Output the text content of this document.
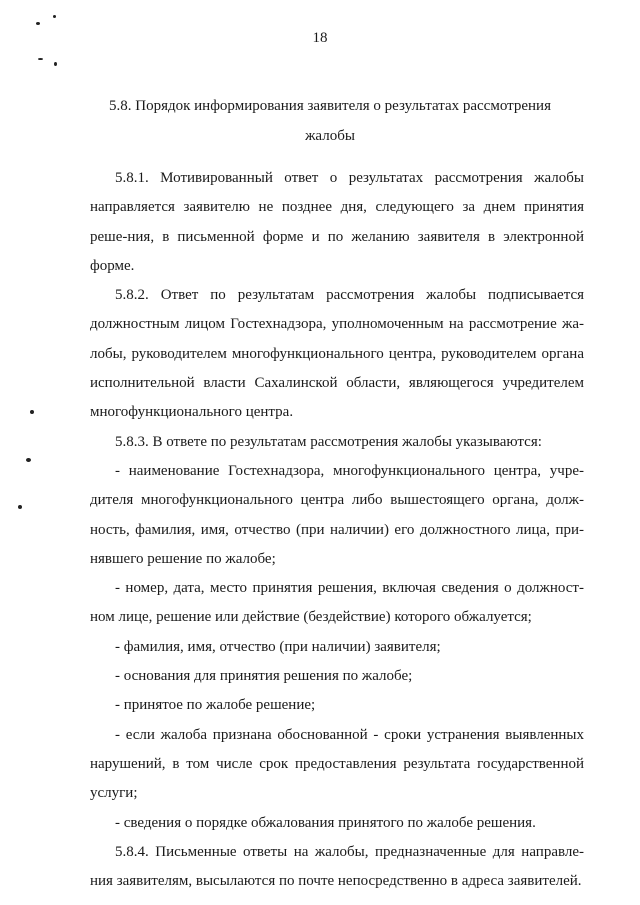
18
5.8. Порядок информирования заявителя о результатах рассмотрения
жалобы

5.8.1. Мотивированный ответ о результатах рассмотрения жалобы направляется заявителю не позднее дня, следующего за днем принятия реше-ния, в письменной форме и по желанию заявителя в электронной форме.

5.8.2. Ответ по результатам рассмотрения жалобы подписывается должностным лицом Гостехнадзора, уполномоченным на рассмотрение жа-лобы, руководителем многофункционального центра, руководителем органа исполнительной власти Сахалинской области, являющегося учредителем многофункционального центра.

5.8.3. В ответе по результатам рассмотрения жалобы указываются:

- наименование Гостехнадзора, многофункционального центра, учре-дителя многофункционального центра либо вышестоящего органа, долж-ность, фамилия, имя, отчество (при наличии) его должностного лица, при-нявшего решение по жалобе;

- номер, дата, место принятия решения, включая сведения о должност-ном лице, решение или действие (бездействие) которого обжалуется;

- фамилия, имя, отчество (при наличии) заявителя;

- основания для принятия решения по жалобе;

- принятое по жалобе решение;

- если жалоба признана обоснованной - сроки устранения выявленных нарушений, в том числе срок предоставления результата государственной услуги;

- сведения о порядке обжалования принятого по жалобе решения.

5.8.4. Письменные ответы на жалобы, предназначенные для направле-ния заявителям, высылаются по почте непосредственно в адреса заявителей.
